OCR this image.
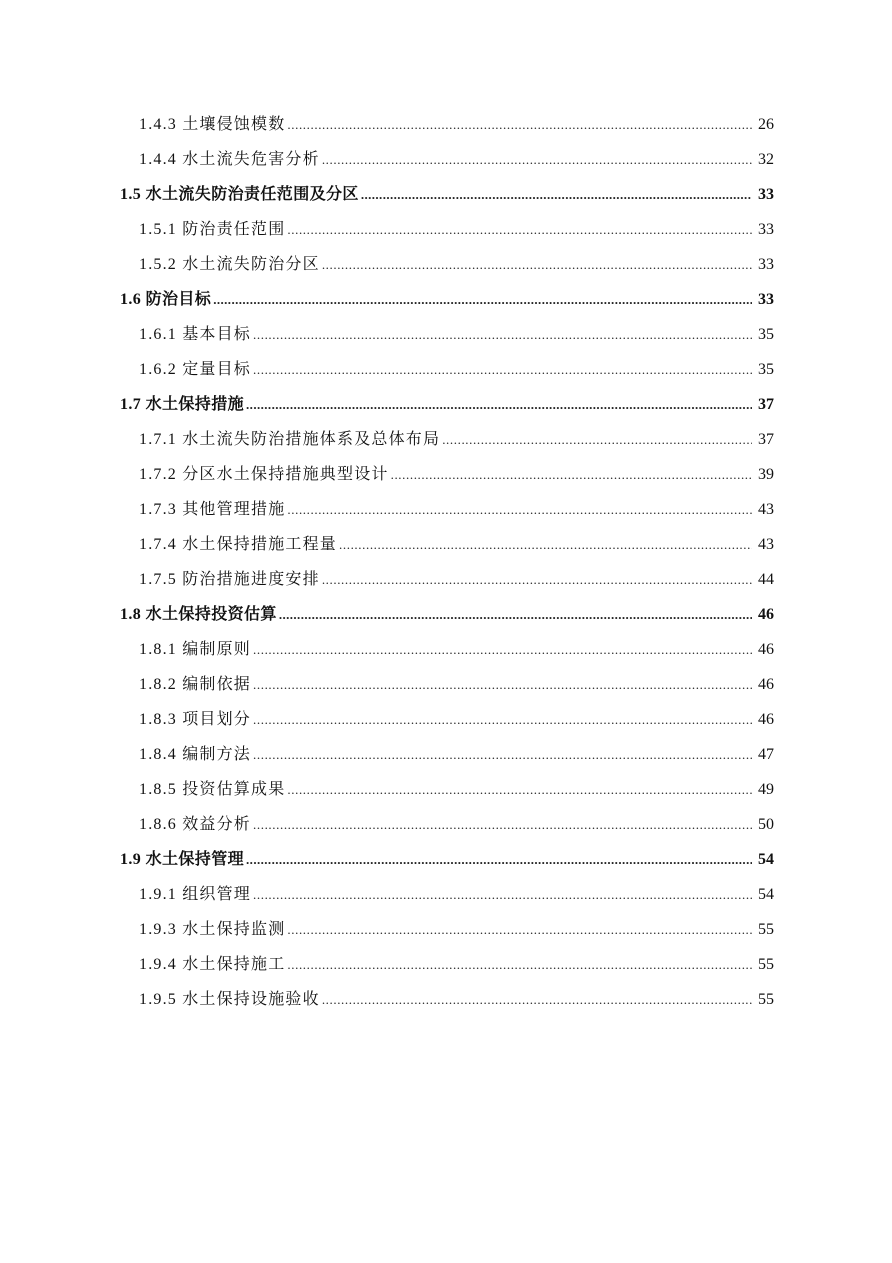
1.4.3 土壤侵蚀模数 .....	26
1.4.4 水土流失危害分析 .....	32
1.5 水土流失防治责任范围及分区 .....	33
1.5.1 防治责任范围 .....	33
1.5.2 水土流失防治分区 .....	33
1.6 防治目标 .....	33
1.6.1 基本目标 .....	35
1.6.2 定量目标 .....	35
1.7 水土保持措施 .....	37
1.7.1 水土流失防治措施体系及总体布局 .....	37
1.7.2 分区水土保持措施典型设计 .....	39
1.7.3 其他管理措施 .....	43
1.7.4 水土保持措施工程量 .....	43
1.7.5 防治措施进度安排 .....	44
1.8 水土保持投资估算 .....	46
1.8.1 编制原则 .....	46
1.8.2 编制依据 .....	46
1.8.3 项目划分 .....	46
1.8.4 编制方法 .....	47
1.8.5 投资估算成果 .....	49
1.8.6 效益分析 .....	50
1.9 水土保持管理 .....	54
1.9.1 组织管理 .....	54
1.9.3 水土保持监测 .....	55
1.9.4 水土保持施工 .....	55
1.9.5 水土保持设施验收 .....	55
